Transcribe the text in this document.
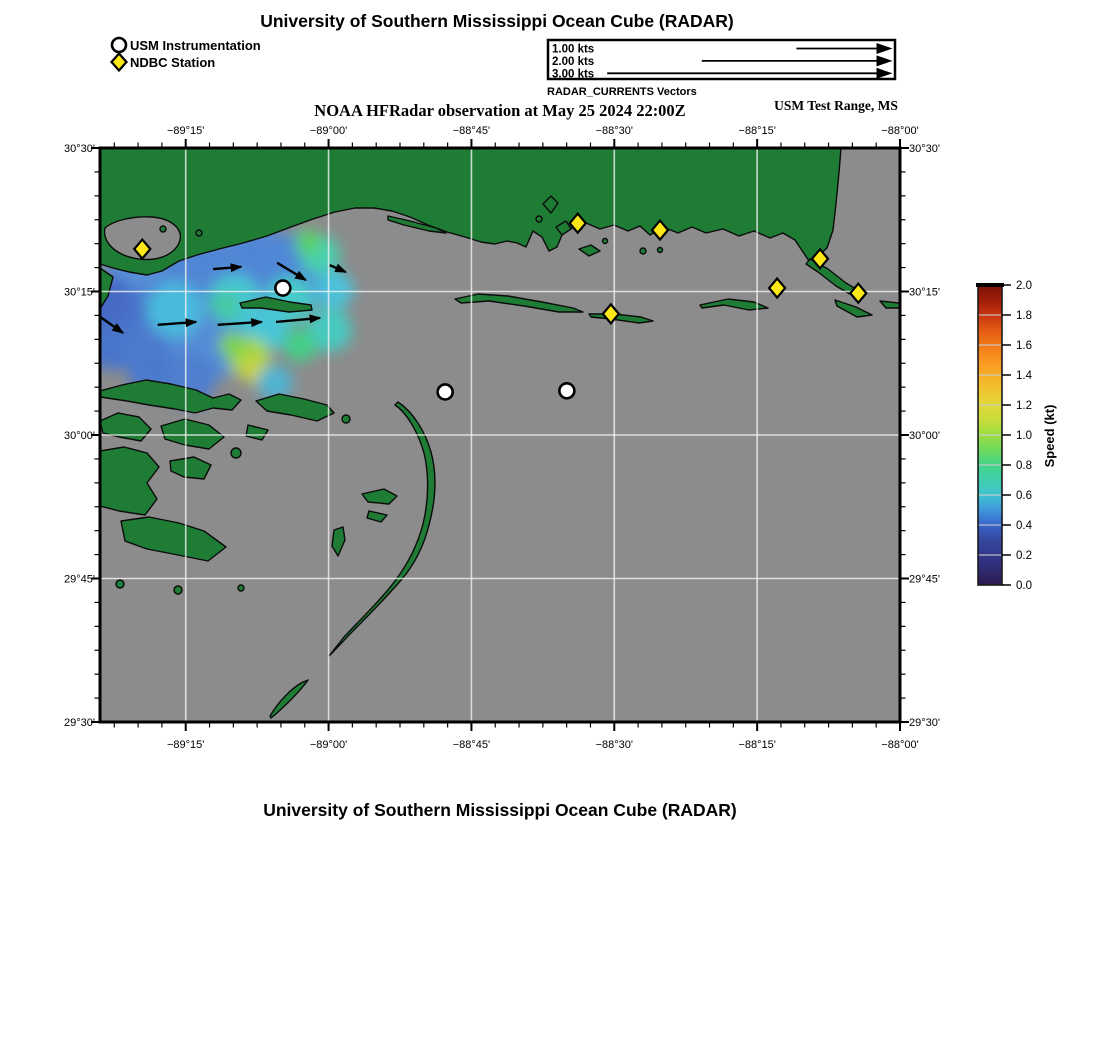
University of Southern Mississippi Ocean Cube (RADAR)
USM Instrumentation
NDBC Station
1.00 kts
2.00 kts
3.00 kts
RADAR_CURRENTS Vectors
NOAA HFRadar observation at May 25 2024 22:00Z	USM Test Range, MS
−89°15'
−89°15'
−89°00'
−89°00'
−88°45'
−88°45'
−88°30'
−88°30'
−88°15'
−88°15'
−88°00'
−88°00'
30°30'	30°30'
30°15'	30°15'
30°00'	30°00'
29°45'	29°45'
29°30'	29°30'
0.0
0.2
0.4
0.6
0.8
1.0
1.2
1.4
1.6
1.8
2.0
Speed (kt)
University of Southern Mississippi Ocean Cube (RADAR)
